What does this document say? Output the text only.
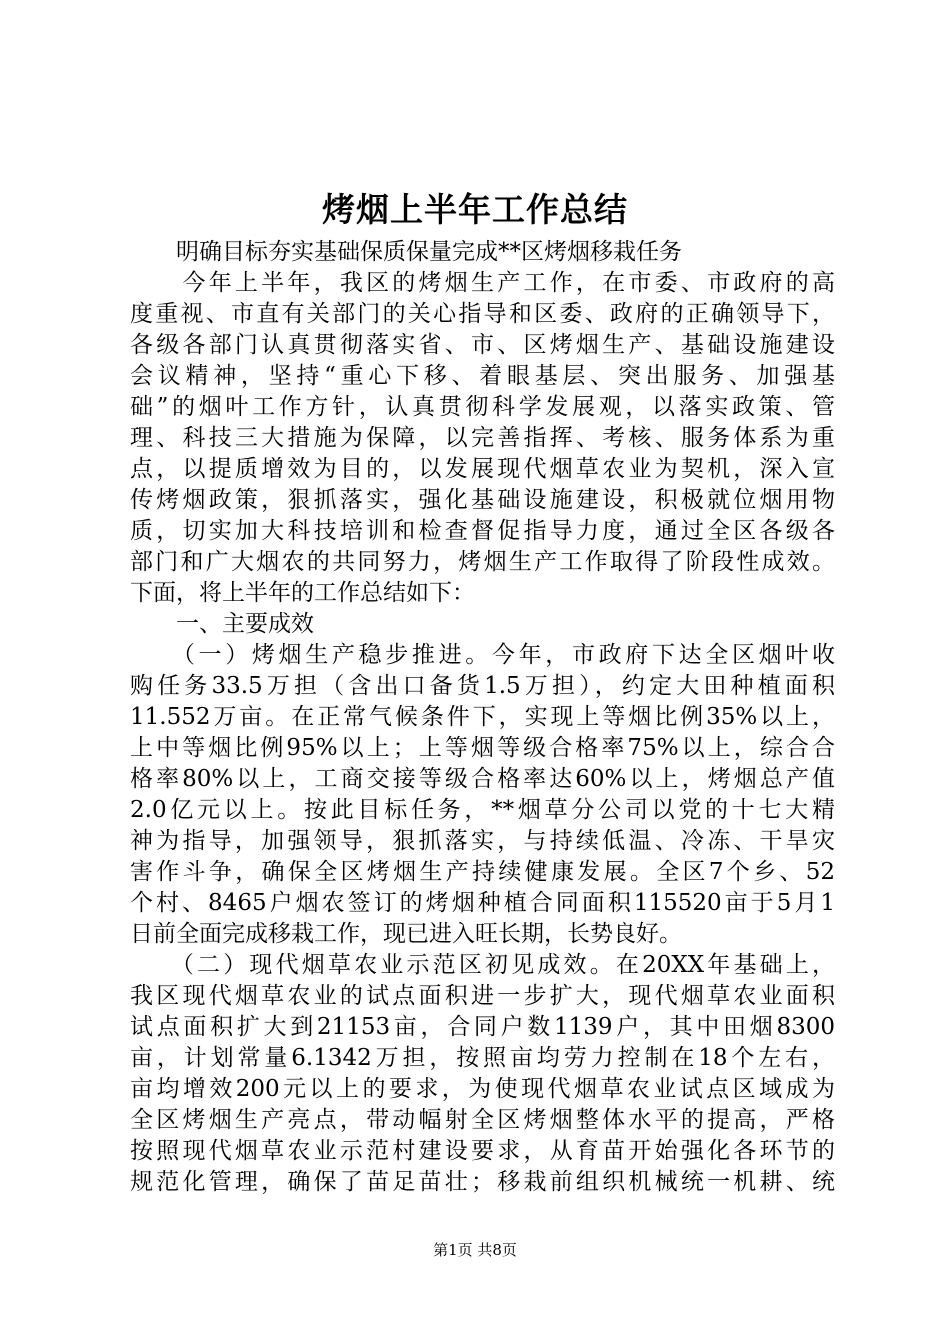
烤烟上半年工作总结
　　明确目标夯实基础保质保量完成**区烤烟移栽任务
　　今年上半年，我区的烤烟生产工作，在市委、市政府的高
度重视、市直有关部门的关心指导和区委、政府的正确领导下，
各级各部门认真贯彻落实省、市、区烤烟生产、基础设施建设
会议精神，坚持“重心下移、着眼基层、突出服务、加强基
础”的烟叶工作方针，认真贯彻科学发展观，以落实政策、管
理、科技三大措施为保障，以完善指挥、考核、服务体系为重
点，以提质增效为目的，以发展现代烟草农业为契机，深入宣
传烤烟政策，狠抓落实，强化基础设施建设，积极就位烟用物
质，切实加大科技培训和检查督促指导力度，通过全区各级各
部门和广大烟农的共同努力，烤烟生产工作取得了阶段性成效。
下面，将上半年的工作总结如下：
　　一、主要成效
　　（一）烤烟生产稳步推进。今年，市政府下达全区烟叶收
购任务33.5万担（含出口备货1.5万担），约定大田种植面积
11.552万亩。在正常气候条件下，实现上等烟比例35%以上，
上中等烟比例95%以上；上等烟等级合格率75%以上，综合合
格率80%以上，工商交接等级合格率达60%以上，烤烟总产值
2.0亿元以上。按此目标任务，**烟草分公司以党的十七大精
神为指导，加强领导，狠抓落实，与持续低温、冷冻、干旱灾
害作斗争，确保全区烤烟生产持续健康发展。全区7个乡、52
个村、8465户烟农签订的烤烟种植合同面积115520亩于5月1
日前全面完成移栽工作，现已进入旺长期，长势良好。
　　（二）现代烟草农业示范区初见成效。在20XX年基础上，
我区现代烟草农业的试点面积进一步扩大，现代烟草农业面积
试点面积扩大到21153亩，合同户数1139户，其中田烟8300
亩，计划常量6.1342万担，按照亩均劳力控制在18个左右，
亩均增效200元以上的要求，为使现代烟草农业试点区域成为
全区烤烟生产亮点，带动幅射全区烤烟整体水平的提高，严格
按照现代烟草农业示范村建设要求，从育苗开始强化各环节的
规范化管理，确保了苗足苗壮；移栽前组织机械统一机耕、统
第1页 共8页
